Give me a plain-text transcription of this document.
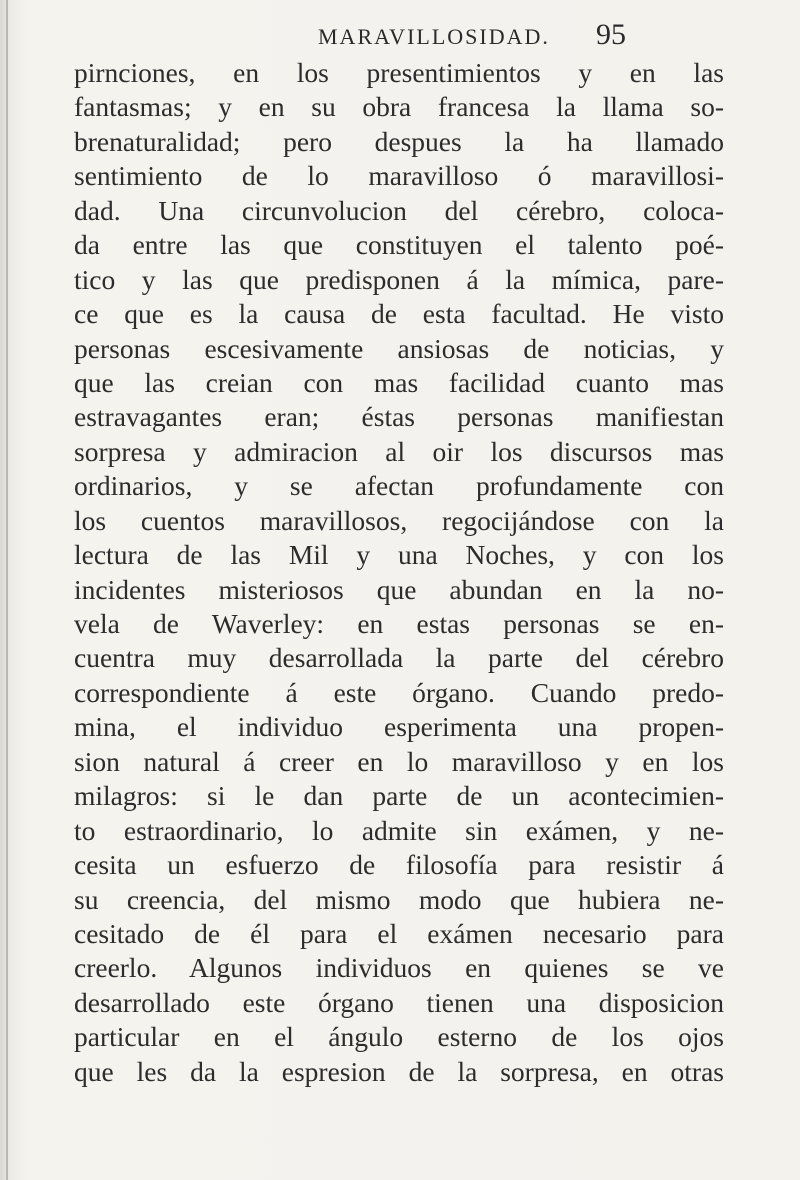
MARAVILLOSIDAD. 95
pirnciones, en los presentimientos y en las
fantasmas; y en su obra francesa la llama so-
brenaturalidad; pero despues la ha llamado
sentimiento de lo maravilloso ó maravillosi-
dad. Una circunvolucion del cérebro, coloca-
da entre las que constituyen el talento poé-
tico y las que predisponen á la mímica, pare-
ce que es la causa de esta facultad. He visto
personas escesivamente ansiosas de noticias, y
que las creian con mas facilidad cuanto mas
estravagantes eran; éstas personas manifiestan
sorpresa y admiracion al oir los discursos mas
ordinarios, y se afectan profundamente con
los cuentos maravillosos, regocijándose con la
lectura de las Mil y una Noches, y con los
incidentes misteriosos que abundan en la no-
vela de Waverley: en estas personas se en-
cuentra muy desarrollada la parte del cérebro
correspondiente á este órgano. Cuando predo-
mina, el individuo esperimenta una propen-
sion natural á creer en lo maravilloso y en los
milagros: si le dan parte de un acontecimien-
to estraordinario, lo admite sin exámen, y ne-
cesita un esfuerzo de filosofía para resistir á
su creencia, del mismo modo que hubiera ne-
cesitado de él para el exámen necesario para
creerlo. Algunos individuos en quienes se ve
desarrollado este órgano tienen una disposicion
particular en el ángulo esterno de los ojos
que les da la espresion de la sorpresa, en otras
